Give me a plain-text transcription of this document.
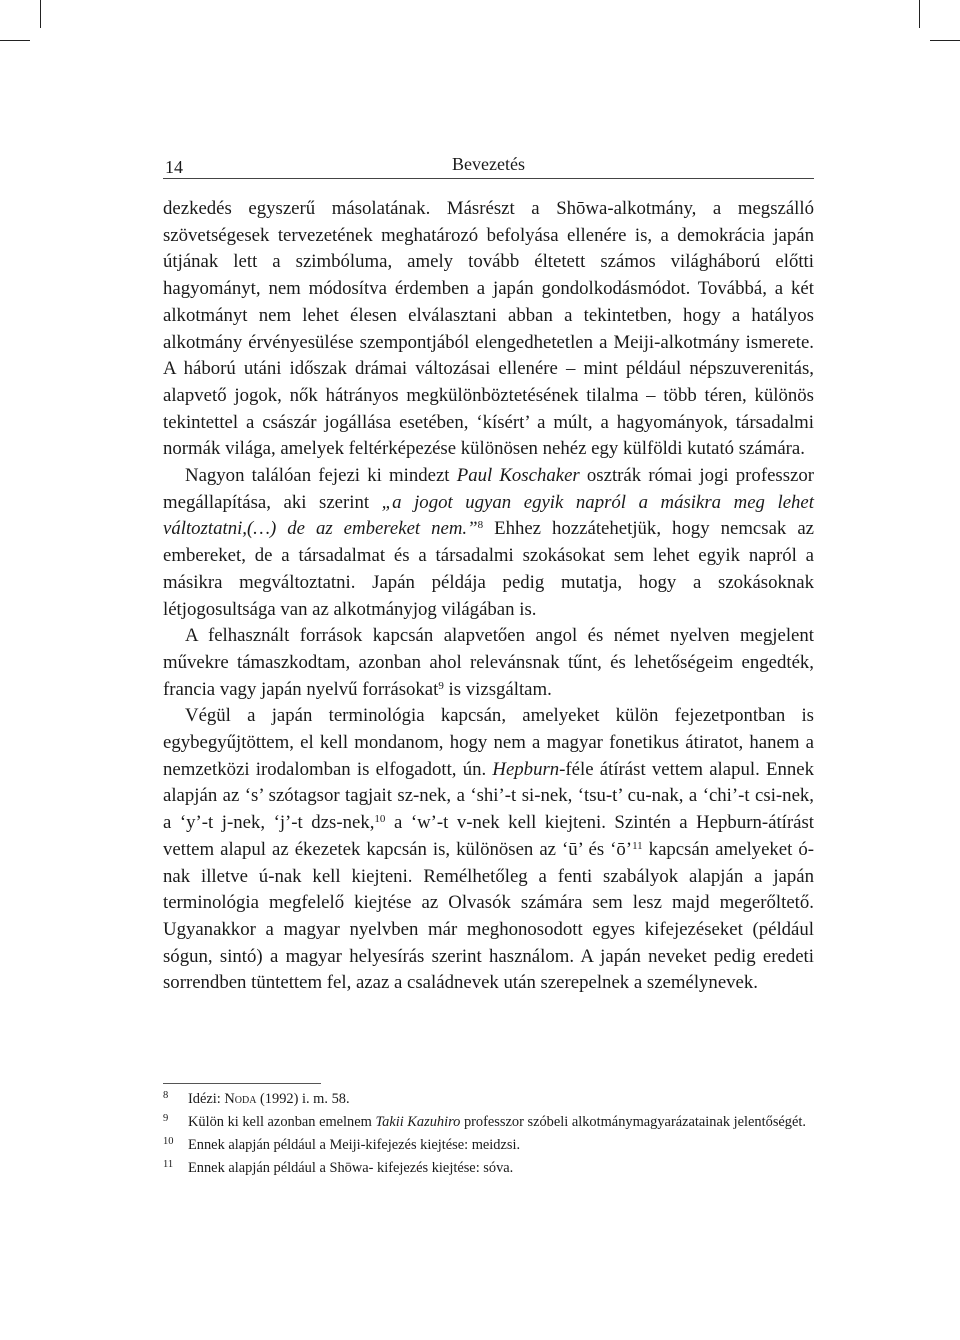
14	Bevezetés

dezkedés egyszerű másolatának. Másrészt a Shōwa-alkotmány, a megszálló szövetségesek tervezetének meghatározó befolyása ellenére is, a demokrácia japán útjának lett a szimbóluma, amely tovább éltetett számos világháború előtti hagyományt, nem módosítva érdemben a japán gondolkodásmódot. Továbbá, a két alkotmányt nem lehet élesen elválasztani abban a tekintetben, hogy a hatályos alkotmány érvényesülése szempontjából elengedhetetlen a Meiji-alkotmány ismerete. A háború utáni időszak drámai változásai ellenére – mint például népszuverenitás, alapvető jogok, nők hátrányos megkülönböztetésének tilalma – több téren, különös tekintettel a császár jogállása esetében, ‘kísért’ a múlt, a hagyományok, társadalmi normák világa, amelyek feltérképezése különösen nehéz egy külföldi kutató számára.

Nagyon találóan fejezi ki mindezt Paul Koschaker osztrák római jogi professzor megállapítása, aki szerint „a jogot ugyan egyik napról a másikra meg lehet változtatni,(…) de az embereket nem.”$^8$ Ehhez hozzátehetjük, hogy nemcsak az embereket, de a társadalmat és a társadalmi szokásokat sem lehet egyik napról a másikra megváltoztatni. Japán példája pedig mutatja, hogy a szokásoknak létjogosultsága van az alkotmányjog világában is.

A felhasznált források kapcsán alapvetően angol és német nyelven megjelent művekre támaszkodtam, azonban ahol relevánsnak tűnt, és lehetőségeim engedték, francia vagy japán nyelvű forrásokat$^9$ is vizsgáltam.

Végül a japán terminológia kapcsán, amelyeket külön fejezetpontban is egybegyűjtöttem, el kell mondanom, hogy nem a magyar fonetikus átiratot, hanem a nemzetközi irodalomban is elfogadott, ún. Hepburn-féle átírást vettem alapul. Ennek alapján az ‘s’ szótagsor tagjait sz-nek, a ‘shi’-t si-nek, ‘tsu-t’ cu-nak, a ‘chi’-t csi-nek, a ‘y’-t j-nek, ‘j’-t dzs-nek,$^{10}$ a ‘w’-t v-nek kell kiejteni. Szintén a Hepburn-átírást vettem alapul az ékezetek kapcsán is, különösen az ‘ū’ és ‘ō’$^{11}$ kapcsán amelyeket ó-nak illetve ú-nak kell kiejteni. Remélhetőleg a fenti szabályok alapján a japán terminológia megfelelő kiejtése az Olvasók számára sem lesz majd megerőltető. Ugyanakkor a magyar nyelvben már meghonosodott egyes kifejezéseket (például sógun, sintó) a magyar helyesírás szerint használom. A japán neveket pedig eredeti sorrendben tüntettem fel, azaz a családnevek után szerepelnek a személynevek.

8 Idézi: Noda (1992) i. m. 58.
9 Külön ki kell azonban emelnem Takii Kazuhiro professzor szóbeli alkotmánymagyarázatainak jelentőségét.
10 Ennek alapján például a Meiji-kifejezés kiejtése: meidzsi.
11 Ennek alapján például a Shōwa- kifejezés kiejtése: sóva.
